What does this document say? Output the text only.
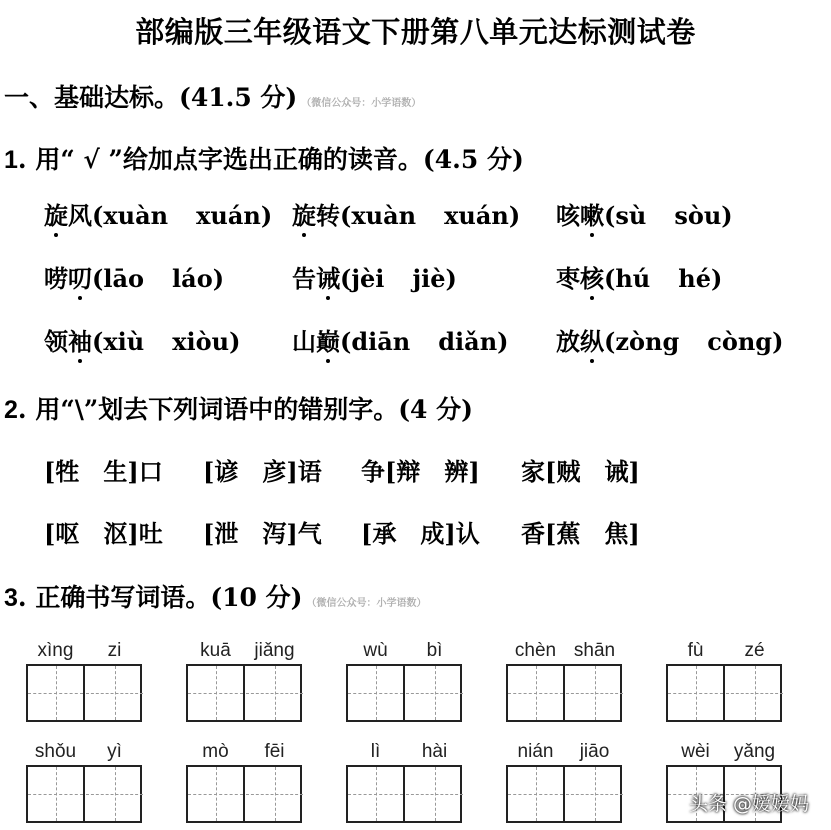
部编版三年级语文下册第八单元达标测试卷
一、基础达标。(41.5 分) （微信公众号：小学语数）
1. 用“ √ ”给加点字选出正确的读音。(4.5 分)
旋风(xuàn xuán) 旋转(xuàn xuán) 咳嗽(sù sòu)
唠叨(lāo láo)	告诫(jèi jiè)	枣核(hú hé)
领袖(xiù xiòu) 山巅(diān diǎn) 放纵(zòng còng)
2. 用“\”划去下列词语中的错别字。(4 分)
[牲　生]口 [谚　彦]语 争[辩　辨] 家[贼　诫]
[呕　沤]吐 [泄　泻]气 [承　成]认 香[蕉　焦]
3. 正确书写词语。(10 分) （微信公众号：小学语数）
xìng	zi	kuā	jiǎng	wù	bì	chèn shān	fù	zé
shǒu	yì	mò	fēi	lì	hài	nián	jiāo	wèi	yǎng
头条 @嫒嫒妈
